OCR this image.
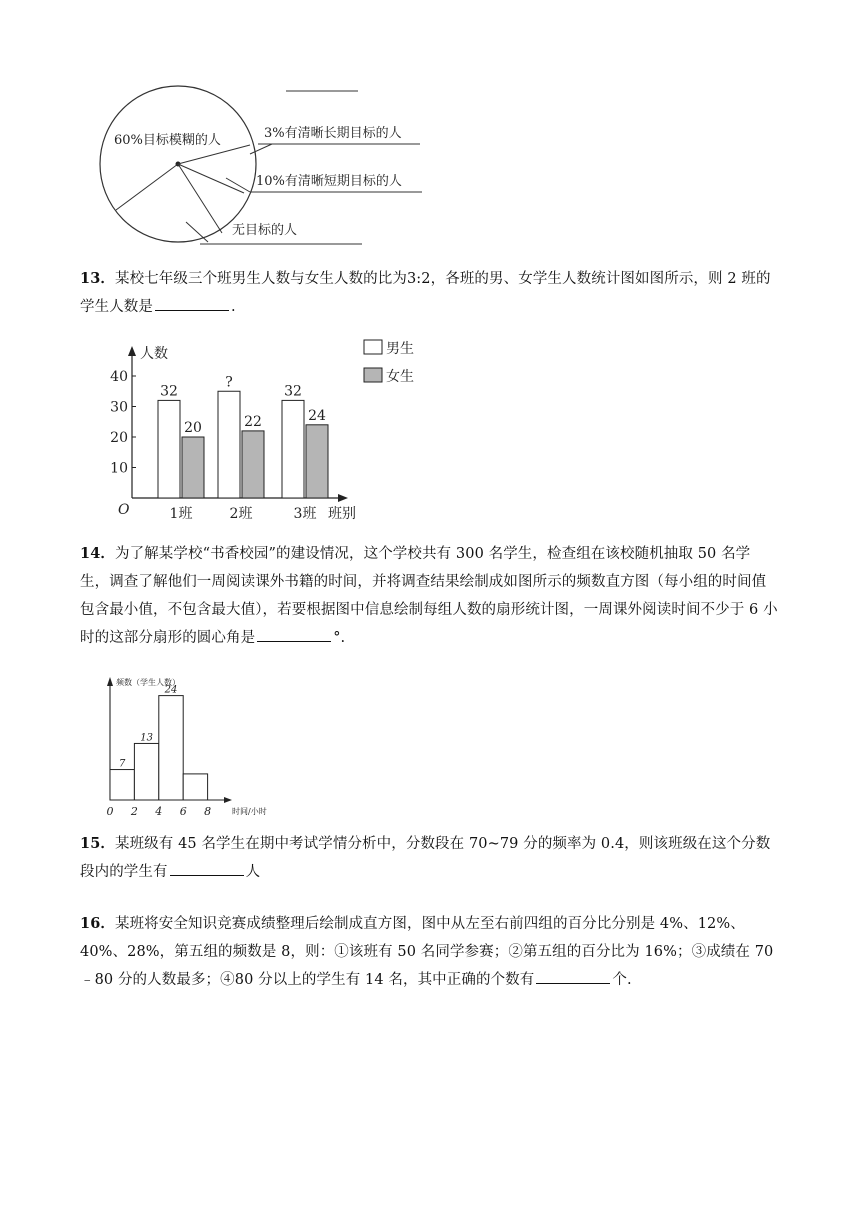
60%目标模糊的人	3%有清晰长期目标的人
10%有清晰短期目标的人
无目标的人
13．某校七年级三个班男生人数与女生人数的比为3:2，各班的男、女学生人数统计图如图所示，则 2 班的学生人数是	.
人数
O	班别
10
20
30
40
32
20
?
22
32
24
1班	2班	3班
男生
女生
14．为了解某学校“书香校园”的建设情况，这个学校共有 300 名学生，检查组在该校随机抽取 50 名学生，调查了解他们一周阅读课外书籍的时间，并将调查结果绘制成如图所示的频数直方图（每小组的时间值包含最小值，不包含最大值），若要根据图中信息绘制每组人数的扇形统计图，一周课外阅读时间不少于 6 小时的这部分扇形的圆心角是	°.
频数（学生人数）
时间/小时
7
13
24
0 2 4 6 8
15．某班级有 45 名学生在期中考试学情分析中，分数段在 70~79 分的频率为 0.4，则该班级在这个分数段内的学生有	人
16．某班将安全知识竞赛成绩整理后绘制成直方图，图中从左至右前四组的百分比分别是 4%、12%、40%、28%，第五组的频数是 8，则：①该班有 50 名同学参赛；②第五组的百分比为 16%；③成绩在 70﹣80 分的人数最多；④80 分以上的学生有 14 名，其中正确的个数有	个.
